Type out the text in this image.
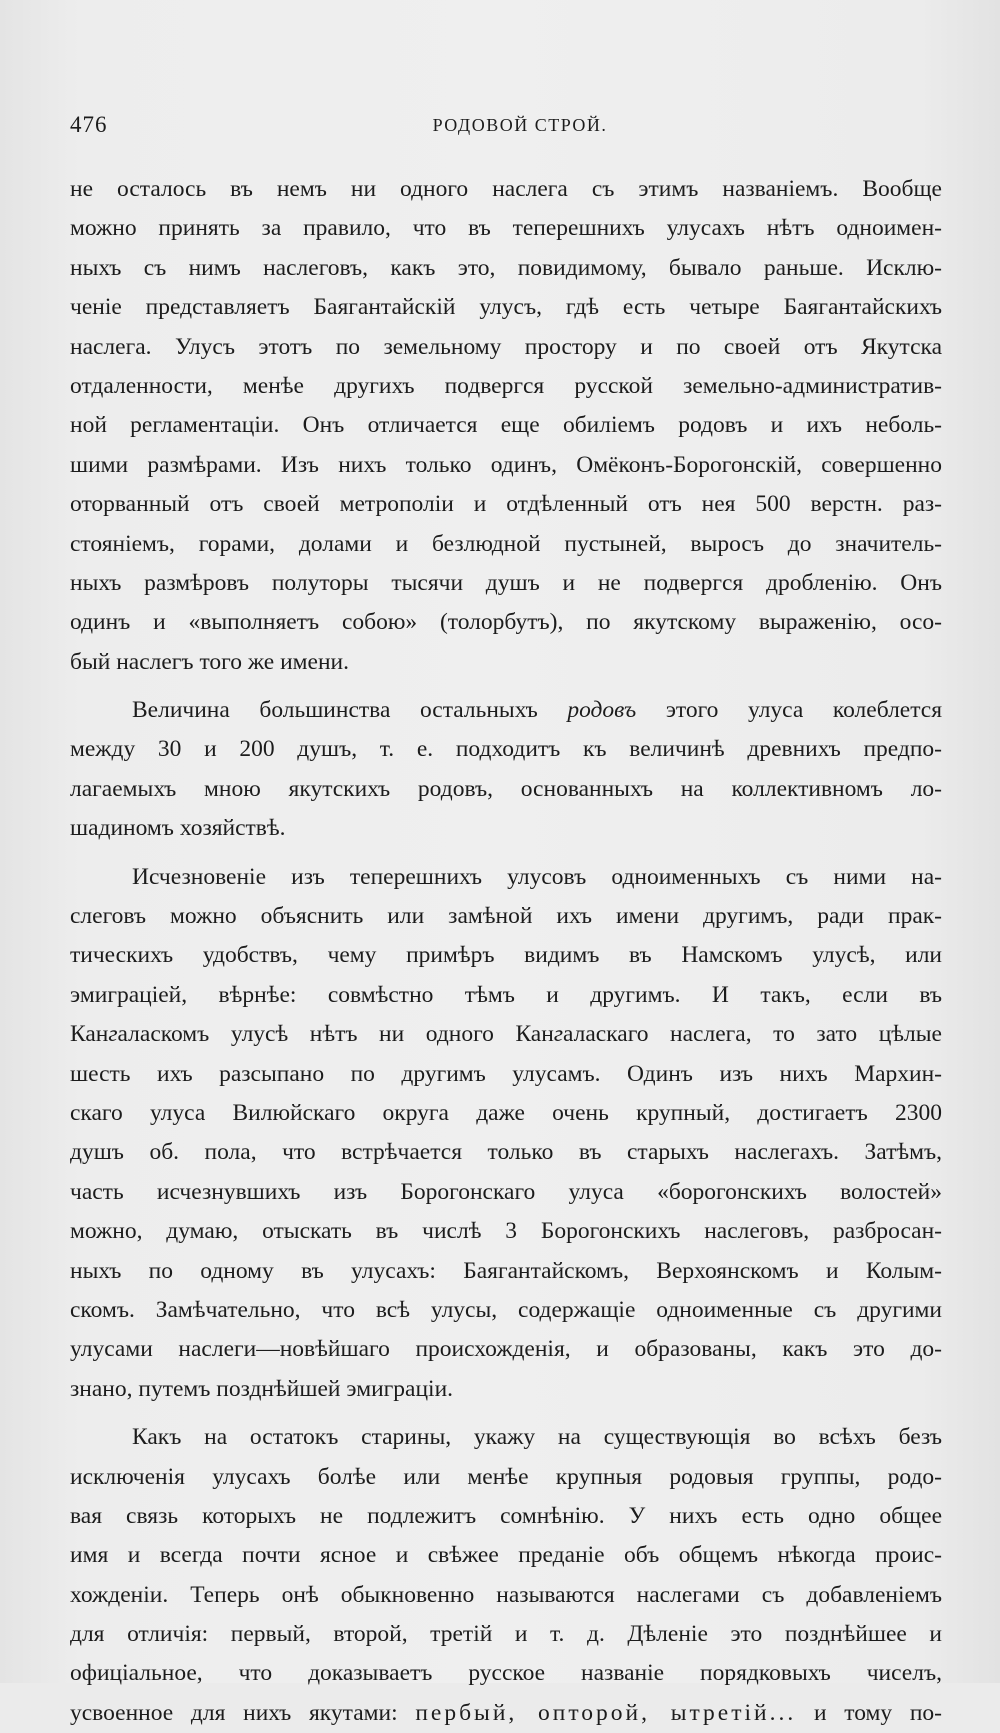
476	РОДОВОЙ СТРОЙ.
не осталось въ немъ ни одного наслега съ этимъ названіемъ. Вообще
можно принять за правило, что въ теперешнихъ улусахъ нѣтъ одноимен-
ныхъ съ нимъ наслеговъ, какъ это, повидимому, бывало раньше. Исклю-
ченіе представляетъ Баягантайскій улусъ, гдѣ есть четыре Баягантайскихъ
наслега. Улусъ этотъ по земельному простору и по своей отъ Якутска
отдаленности, менѣе другихъ подвергся русской земельно-административ-
ной регламентаціи. Онъ отличается еще обиліемъ родовъ и ихъ неболь-
шими размѣрами. Изъ нихъ только одинъ, Омёконъ-Борогонскій, совершенно
оторванный отъ своей метрополіи и отдѣленный отъ нея 500 верстн. раз-
стояніемъ, горами, долами и безлюдной пустыней, выросъ до значитель-
ныхъ размѣровъ полуторы тысячи душъ и не подвергся дробленію. Онъ
одинъ и «выполняетъ собою» (толорбутъ), по якутскому выраженію, осо-
бый наслегъ того же имени.
Величина большинства остальныхъ родовъ этого улуса колеблется
между 30 и 200 душъ, т. е. подходитъ къ величинѣ древнихъ предпо-
лагаемыхъ мною якутскихъ родовъ, основанныхъ на коллективномъ ло-
шадиномъ хозяйствѣ.
Исчезновеніе изъ теперешнихъ улусовъ одноименныхъ съ ними на-
слеговъ можно объяснить или замѣной ихъ имени другимъ, ради прак-
тическихъ удобствъ, чему примѣръ видимъ въ Намскомъ улусѣ, или
эмиграціей, вѣрнѣе: совмѣстно тѣмъ и другимъ. И такъ, если въ
Кангаласкомъ улусѣ нѣтъ ни одного Кангаласкаго наслега, то зато цѣлые
шесть ихъ разсыпано по другимъ улусамъ. Одинъ изъ нихъ Мархин-
скаго улуса Вилюйскаго округа даже очень крупный, достигаетъ 2300
душъ об. пола, что встрѣчается только въ старыхъ наслегахъ. Затѣмъ,
часть исчезнувшихъ изъ Борогонскаго улуса «борогонскихъ волостей»
можно, думаю, отыскать въ числѣ 3 Борогонскихъ наслеговъ, разбросан-
ныхъ по одному въ улусахъ: Баягантайскомъ, Верхоянскомъ и Колым-
скомъ. Замѣчательно, что всѣ улусы, содержащіе одноименные съ другими
улусами наслеги—новѣйшаго происхожденія, и образованы, какъ это до-
знано, путемъ позднѣйшей эмиграціи.
Какъ на остатокъ старины, укажу на существующія во всѣхъ безъ
исключенія улусахъ болѣе или менѣе крупныя родовыя группы, родо-
вая связь которыхъ не подлежитъ сомнѣнію. У нихъ есть одно общее
имя и всегда почти ясное и свѣжее преданіе объ общемъ нѣкогда проис-
хожденіи. Теперь онѣ обыкновенно называются наслегами съ добавленіемъ
для отличія: первый, второй, третій и т. д. Дѣленіе это позднѣйшее и
офиціальное, что доказываетъ русское названіе порядковыхъ чиселъ,
усвоенное для нихъ якутами: пербый, опторой, ытретій... и тому по-
